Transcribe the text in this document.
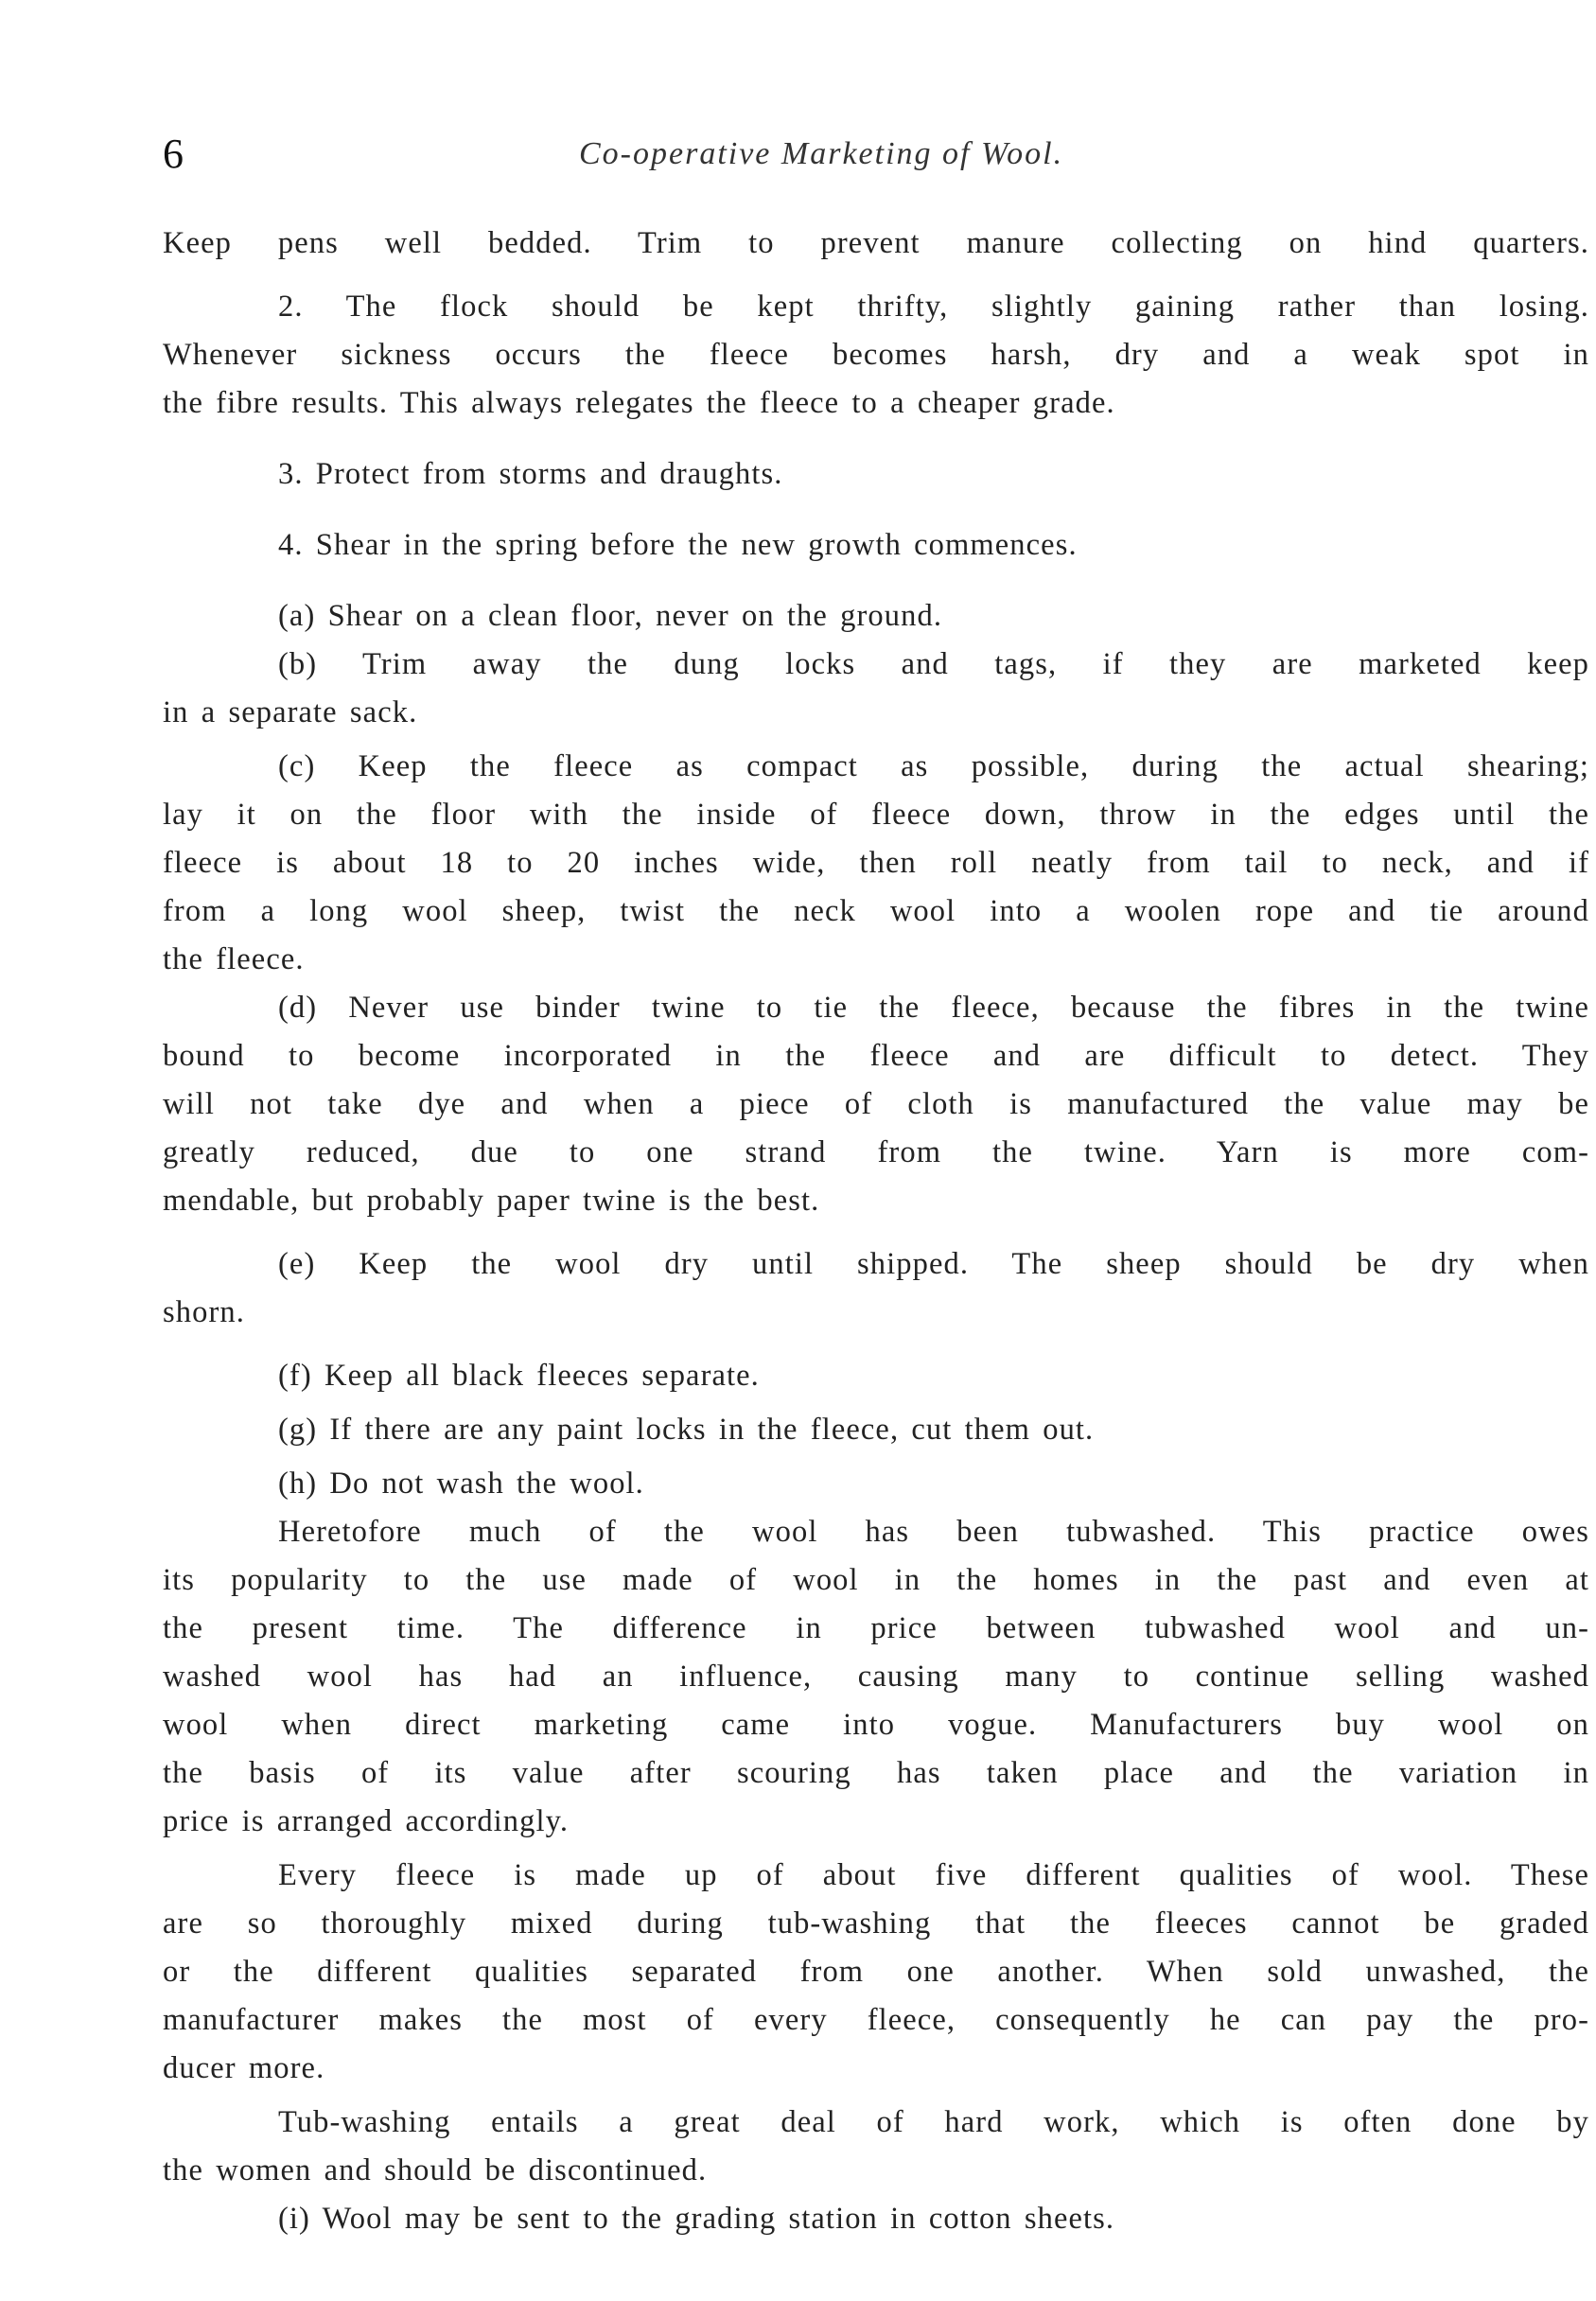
6	Co-operative Marketing of Wool.
Keep pens well bedded. Trim to prevent manure collecting on hind quarters.
2. The flock should be kept thrifty, slightly gaining rather than losing.
Whenever sickness occurs the fleece becomes harsh, dry and a weak spot in
the fibre results. This always relegates the fleece to a cheaper grade.
3. Protect from storms and draughts.
4. Shear in the spring before the new growth commences.
(a) Shear on a clean floor, never on the ground.
(b) Trim away the dung locks and tags, if they are marketed keep
in a separate sack.
(c) Keep the fleece as compact as possible, during the actual shearing;
lay it on the floor with the inside of fleece down, throw in the edges until the
fleece is about 18 to 20 inches wide, then roll neatly from tail to neck, and if
from a long wool sheep, twist the neck wool into a woolen rope and tie around
the fleece.
(d) Never use binder twine to tie the fleece, because the fibres in the twine
bound to become incorporated in the fleece and are difficult to detect. They
will not take dye and when a piece of cloth is manufactured the value may be
greatly reduced, due to one strand from the twine. Yarn is more com-
mendable, but probably paper twine is the best.
(e) Keep the wool dry until shipped. The sheep should be dry when
shorn.
(f) Keep all black fleeces separate.
(g) If there are any paint locks in the fleece, cut them out.
(h) Do not wash the wool.
Heretofore much of the wool has been tubwashed. This practice owes
its popularity to the use made of wool in the homes in the past and even at
the present time. The difference in price between tubwashed wool and un-
washed wool has had an influence, causing many to continue selling washed
wool when direct marketing came into vogue. Manufacturers buy wool on
the basis of its value after scouring has taken place and the variation in
price is arranged accordingly.
Every fleece is made up of about five different qualities of wool. These
are so thoroughly mixed during tub-washing that the fleeces cannot be graded
or the different qualities separated from one another. When sold unwashed, the
manufacturer makes the most of every fleece, consequently he can pay the pro-
ducer more.
Tub-washing entails a great deal of hard work, which is often done by
the women and should be discontinued.
(i) Wool may be sent to the grading station in cotton sheets.
